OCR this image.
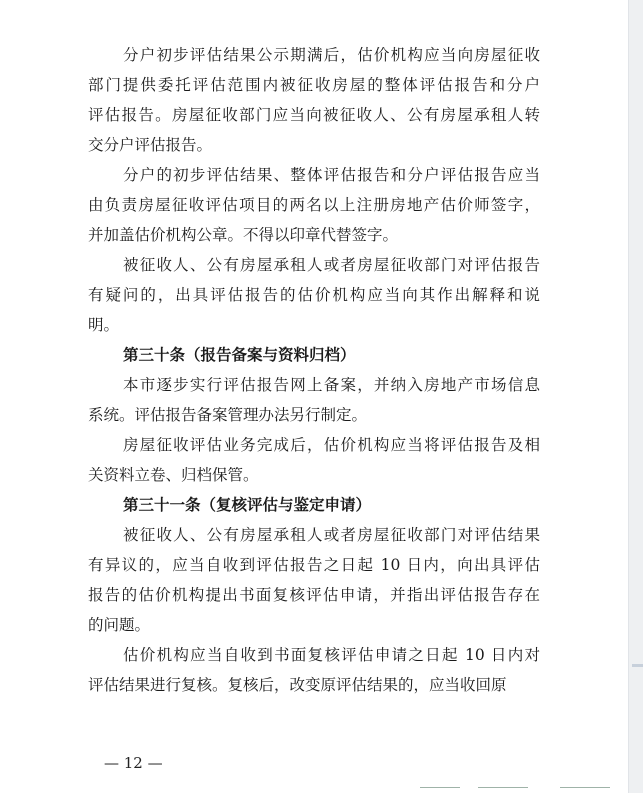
分户初步评估结果公示期满后，估价机构应当向房屋征收
部门提供委托评估范围内被征收房屋的整体评估报告和分户
评估报告。房屋征收部门应当向被征收人、公有房屋承租人转
交分户评估报告。
分户的初步评估结果、整体评估报告和分户评估报告应当
由负责房屋征收评估项目的两名以上注册房地产估价师签字，
并加盖估价机构公章。不得以印章代替签字。
被征收人、公有房屋承租人或者房屋征收部门对评估报告
有疑问的，出具评估报告的估价机构应当向其作出解释和说
明。
第三十条（报告备案与资料归档）
本市逐步实行评估报告网上备案，并纳入房地产市场信息
系统。评估报告备案管理办法另行制定。
房屋征收评估业务完成后，估价机构应当将评估报告及相
关资料立卷、归档保管。
第三十一条（复核评估与鉴定申请）
被征收人、公有房屋承租人或者房屋征收部门对评估结果
有异议的，应当自收到评估报告之日起 10 日内，向出具评估
报告的估价机构提出书面复核评估申请，并指出评估报告存在
的问题。
估价机构应当自收到书面复核评估申请之日起 10 日内对
评估结果进行复核。复核后，改变原评估结果的，应当收回原
— 12 —
